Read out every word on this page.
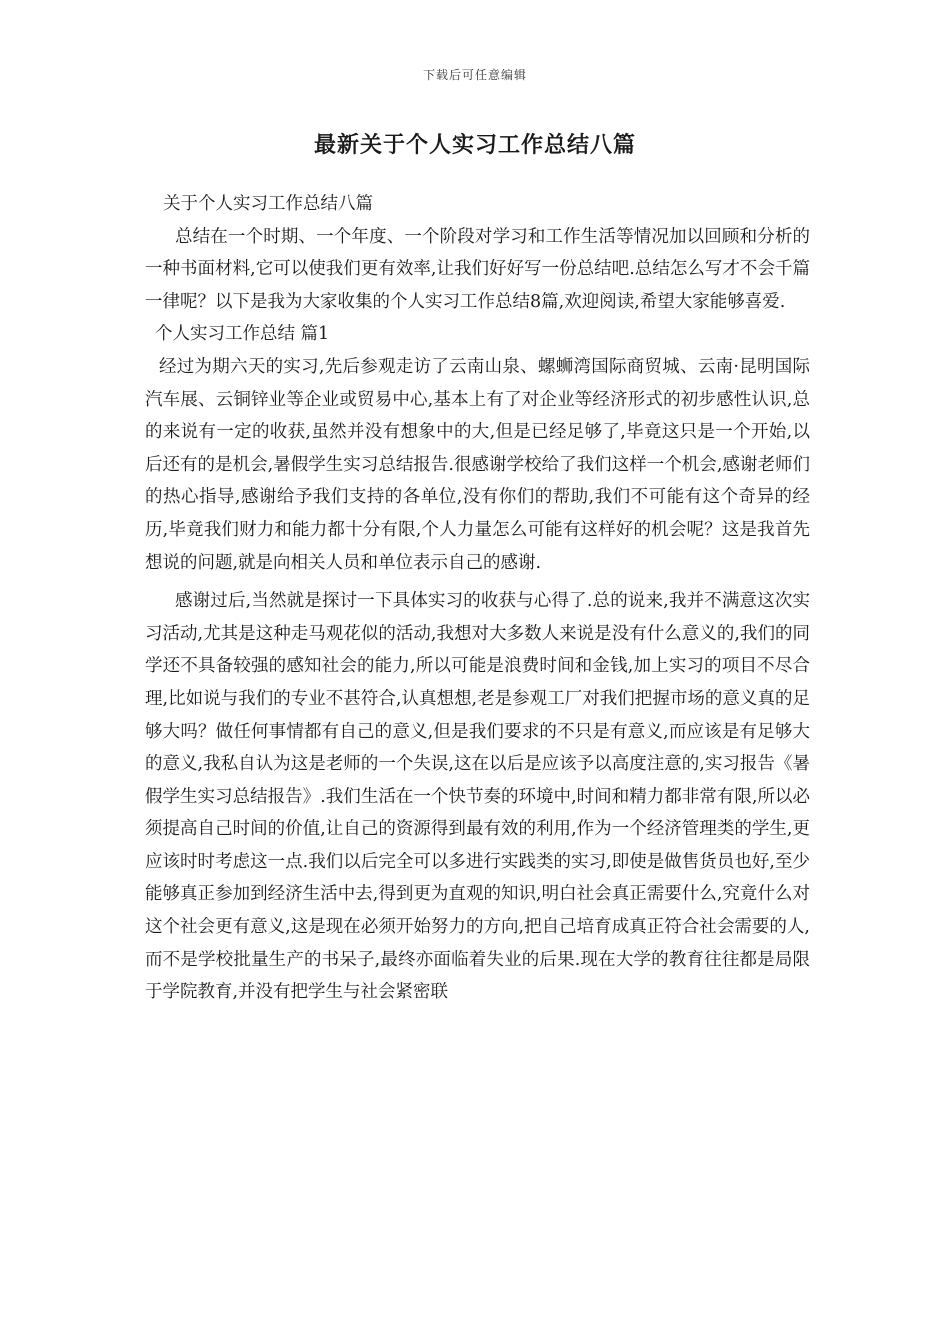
下载后可任意编辑
最新关于个人实习工作总结八篇

关于个人实习工作总结八篇

总结在一个时期、一个年度、一个阶段对学习和工作生活等情况加以回顾和分析的一种书面材料,它可以使我们更有效率,让我们好好写一份总结吧.总结怎么写才不会千篇一律呢？以下是我为大家收集的个人实习工作总结8篇,欢迎阅读,希望大家能够喜爱.

个人实习工作总结 篇1

经过为期六天的实习,先后参观走访了云南山泉、螺蛳湾国际商贸城、云南·昆明国际汽车展、云铜锌业等企业或贸易中心,基本上有了对企业等经济形式的初步感性认识,总的来说有一定的收获,虽然并没有想象中的大,但是已经足够了,毕竟这只是一个开始,以后还有的是机会,暑假学生实习总结报告.很感谢学校给了我们这样一个机会,感谢老师们的热心指导,感谢给予我们支持的各单位,没有你们的帮助,我们不可能有这个奇异的经历,毕竟我们财力和能力都十分有限,个人力量怎么可能有这样好的机会呢？这是我首先想说的问题,就是向相关人员和单位表示自己的感谢.

感谢过后,当然就是探讨一下具体实习的收获与心得了.总的说来,我并不满意这次实习活动,尤其是这种走马观花似的活动,我想对大多数人来说是没有什么意义的,我们的同学还不具备较强的感知社会的能力,所以可能是浪费时间和金钱,加上实习的项目不尽合理,比如说与我们的专业不甚符合,认真想想,老是参观工厂对我们把握市场的意义真的足够大吗？做任何事情都有自己的意义,但是我们要求的不只是有意义,而应该是有足够大的意义,我私自认为这是老师的一个失误,这在以后是应该予以高度注意的,实习报告《暑假学生实习总结报告》.我们生活在一个快节奏的环境中,时间和精力都非常有限,所以必须提高自己时间的价值,让自己的资源得到最有效的利用,作为一个经济管理类的学生,更应该时时考虑这一点.我们以后完全可以多进行实践类的实习,即使是做售货员也好,至少能够真正参加到经济生活中去,得到更为直观的知识,明白社会真正需要什么,究竟什么对这个社会更有意义,这是现在必须开始努力的方向,把自己培育成真正符合社会需要的人,而不是学校批量生产的书呆子,最终亦面临着失业的后果.现在大学的教育往往都是局限于学院教育,并没有把学生与社会紧密联
